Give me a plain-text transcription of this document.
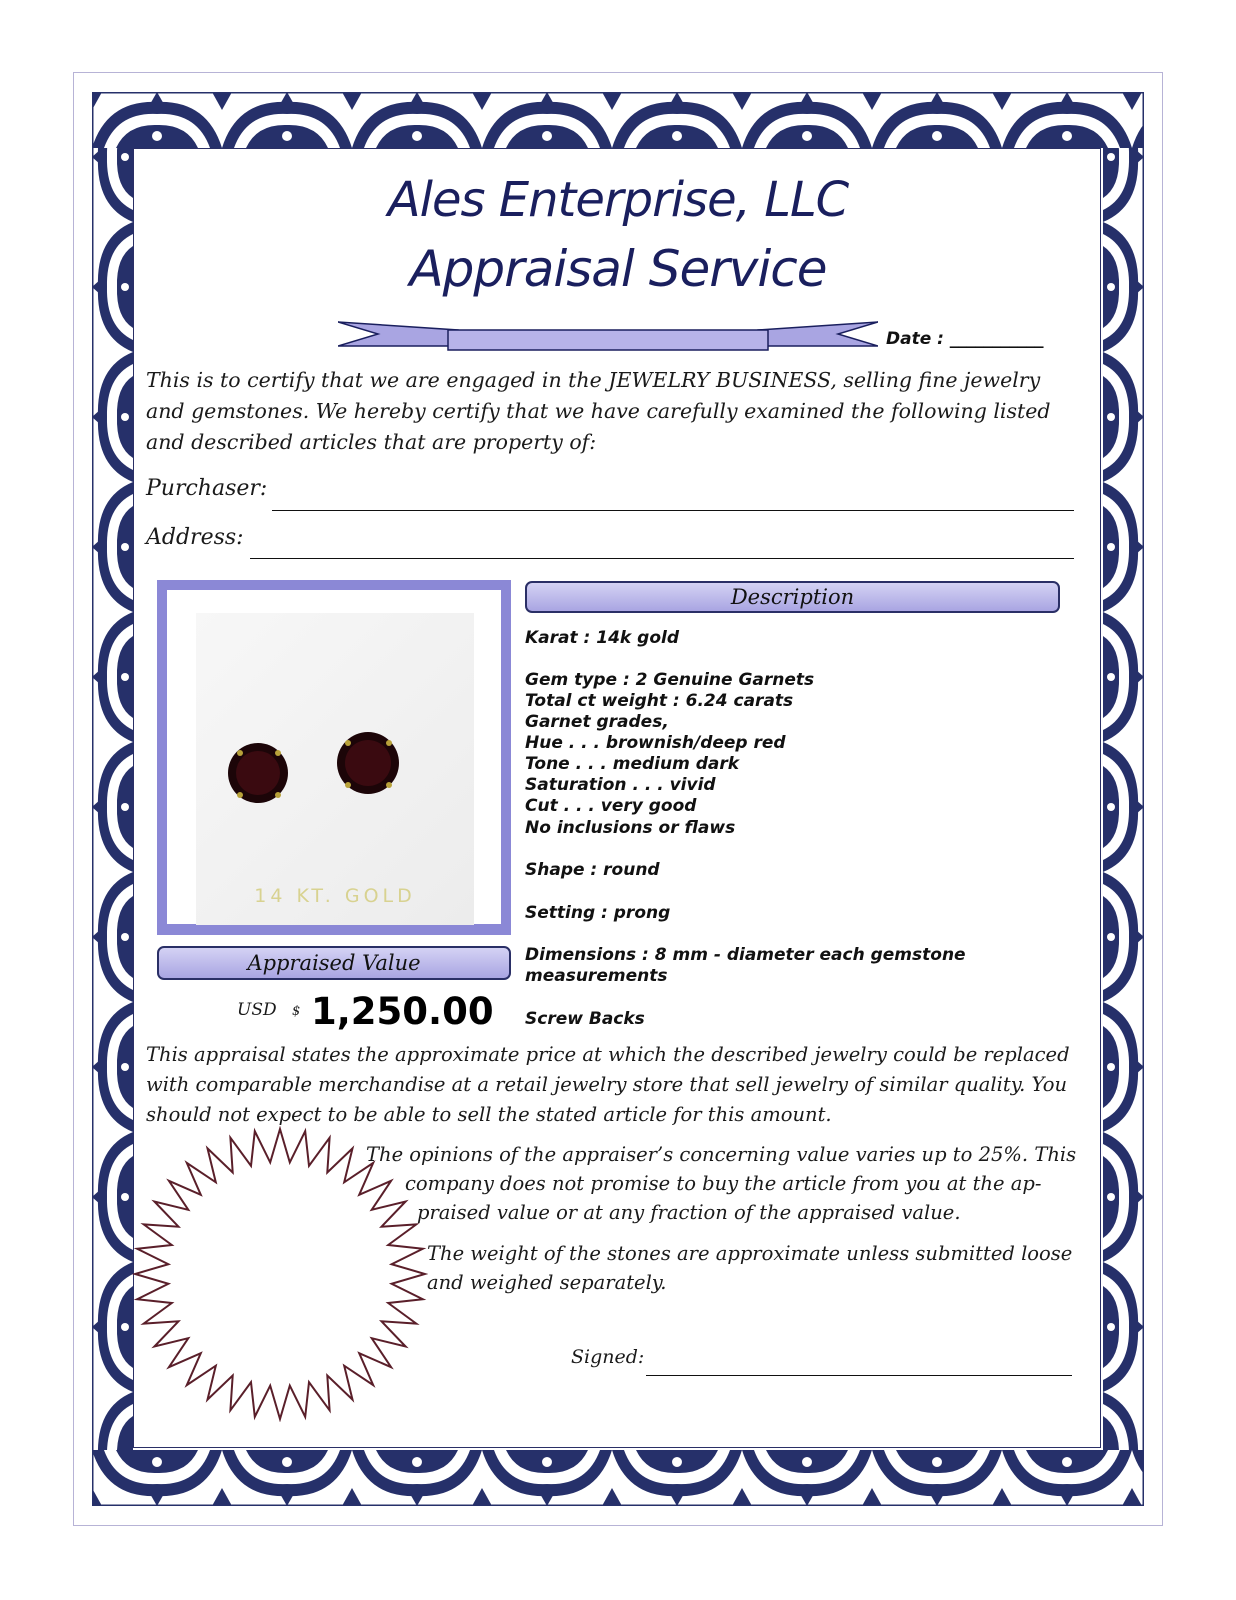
Ales Enterprise, LLC
Appraisal Service
Date : ___________
This is to certify that we are engaged in the JEWELRY BUSINESS, selling fine jewelry
and gemstones. We hereby certify that we have carefully examined the following listed
and described articles that are property of:
Purchaser:
Address:
14 KT. GOLD
Description
Karat : 14k gold
Gem type : 2 Genuine Garnets
Total ct weight : 6.24 carats
Garnet grades,
Hue . . . brownish/deep red
Tone . . . medium dark
Saturation . . . vivid
Cut . . . very good
No inclusions or flaws
Shape : round
Setting : prong
Dimensions : 8 mm - diameter each gemstone
measurements
Screw Backs
Appraised Value
USD $ 1,250.00
This appraisal states the approximate price at which the described jewelry could be replaced
with comparable merchandise at a retail jewelry store that sell jewelry of similar quality. You
should not expect to be able to sell the stated article for this amount.
The opinions of the appraiser’s concerning value varies up to 25%. This
company does not promise to buy the article from you at the ap-
praised value or at any fraction of the appraised value.
The weight of the stones are approximate unless submitted loose
and weighed separately.
Signed:
